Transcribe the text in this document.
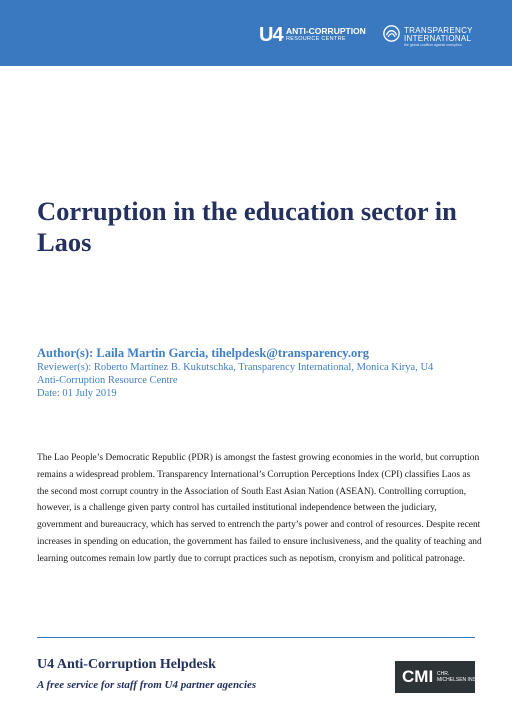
U4 ANTI-CORRUPTION
RESOURCE CENTRE
TRANSPARENCY
INTERNATIONAL
the global coalition against corruption
Corruption in the education sector in Laos
Author(s): Laila Martin Garcia, tihelpdesk@transparency.org
Reviewer(s): Roberto Martínez B. Kukutschka, Transparency International, Monica Kirya, U4 Anti-Corruption Resource Centre
Date: 01 July 2019

The Lao People’s Democratic Republic (PDR) is amongst the fastest growing economies in the world, but corruption remains a widespread problem. Transparency International’s Corruption Perceptions Index (CPI) classifies Laos as the second most corrupt country in the Association of South East Asian Nation (ASEAN). Controlling corruption, however, is a challenge given party control has curtailed institutional independence between the judiciary, government and bureaucracy, which has served to entrench the party’s power and control of resources. Despite recent increases in spending on education, the government has failed to ensure inclusiveness, and the quality of teaching and learning outcomes remain low partly due to corrupt practices such as nepotism, cronyism and political patronage.

U4 Anti-Corruption Helpdesk
A free service for staff from U4 partner agencies	CMI CHR.
MICHELSEN INSTITUTE
